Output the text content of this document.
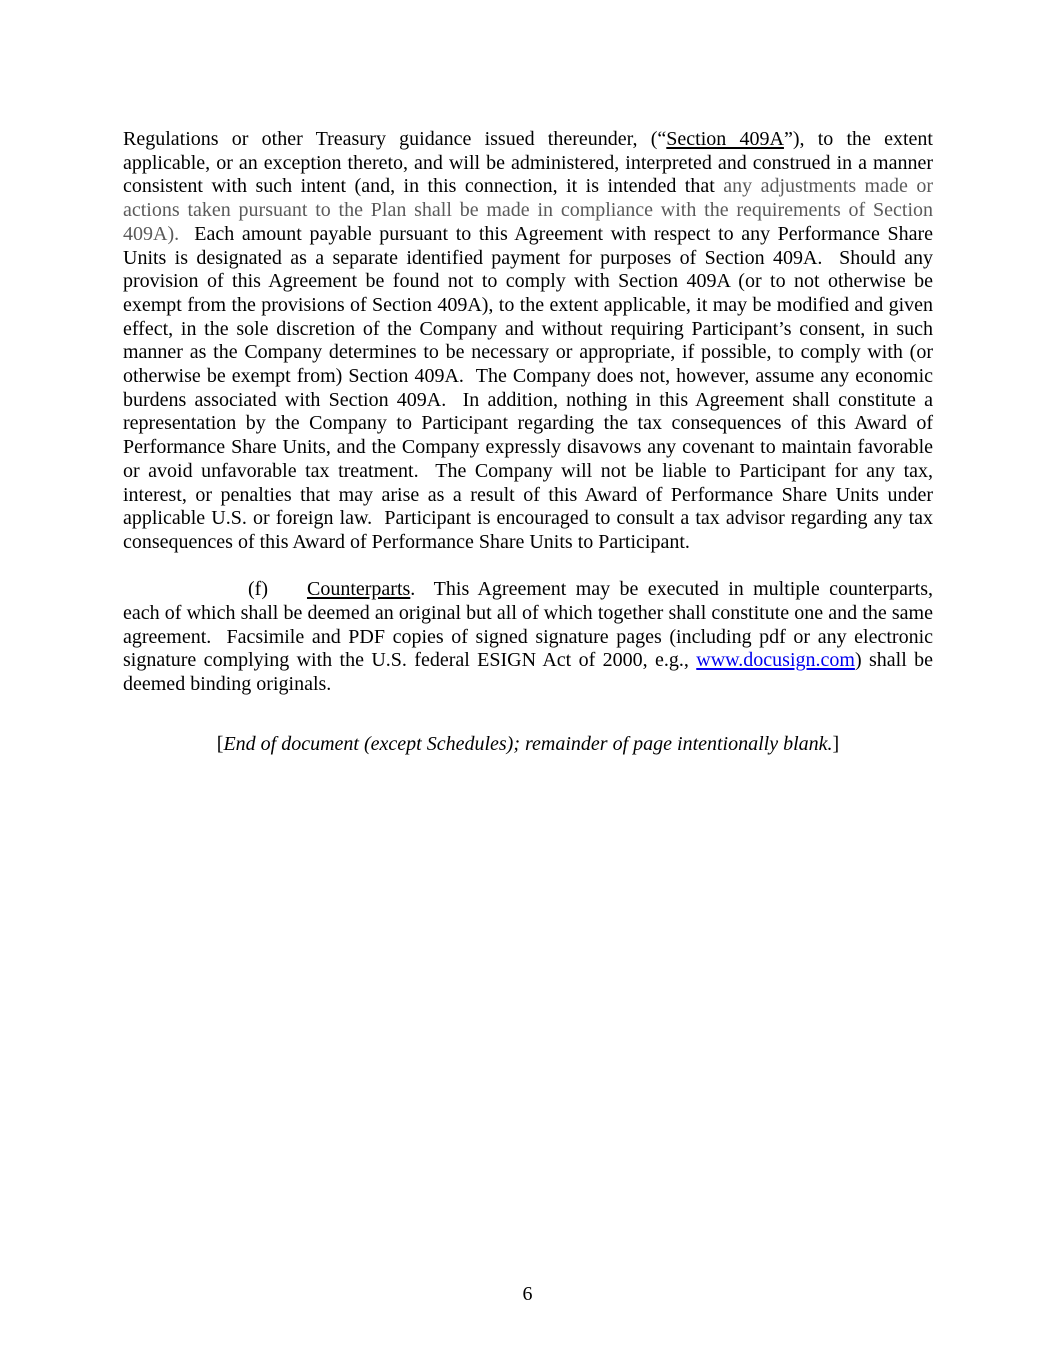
Regulations or other Treasury guidance issued thereunder, (“Section 409A”), to the extent applicable, or an exception thereto, and will be administered, interpreted and construed in a manner consistent with such intent (and, in this connection, it is intended that any adjustments made or actions taken pursuant to the Plan shall be made in compliance with the requirements of Section 409A).  Each amount payable pursuant to this Agreement with respect to any Performance Share Units is designated as a separate identified payment for purposes of Section 409A.  Should any provision of this Agreement be found not to comply with Section 409A (or to not otherwise be exempt from the provisions of Section 409A), to the extent applicable, it may be modified and given effect, in the sole discretion of the Company and without requiring Participant’s consent, in such manner as the Company determines to be necessary or appropriate, if possible, to comply with (or otherwise be exempt from) Section 409A.  The Company does not, however, assume any economic burdens associated with Section 409A.  In addition, nothing in this Agreement shall constitute a representation by the Company to Participant regarding the tax consequences of this Award of Performance Share Units, and the Company expressly disavows any covenant to maintain favorable or avoid unfavorable tax treatment.  The Company will not be liable to Participant for any tax, interest, or penalties that may arise as a result of this Award of Performance Share Units under applicable U.S. or foreign law.  Participant is encouraged to consult a tax advisor regarding any tax consequences of this Award of Performance Share Units to Participant.

(f) Counterparts.  This Agreement may be executed in multiple counterparts, each of which shall be deemed an original but all of which together shall constitute one and the same agreement.  Facsimile and PDF copies of signed signature pages (including pdf or any electronic signature complying with the U.S. federal ESIGN Act of 2000, e.g., www.docusign.com) shall be deemed binding originals.

[End of document (except Schedules); remainder of page intentionally blank.]

6
